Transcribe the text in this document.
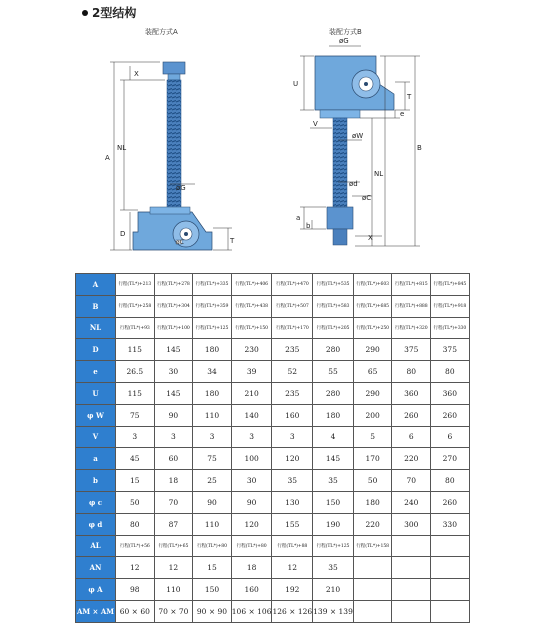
2型结构
装配方式A	装配方式B
X
NL
A
D
øG
øC	T
øG
U
T
V
øW
e
NL
B
ød
øC
a
b
X
A	行程(TL*)+213	行程(TL*)+278	行程(TL*)+335	行程(TL*)+406	行程(TL*)+470	行程(TL*)+535	行程(TL*)+603	行程(TL*)+815	行程(TL*)+845
B	行程(TL*)+258	行程(TL*)+304	行程(TL*)+359	行程(TL*)+438	行程(TL*)+507	行程(TL*)+583	行程(TL*)+685	行程(TL*)+888	行程(TL*)+918
NL	行程(TL*)+93	行程(TL*)+100	行程(TL*)+125	行程(TL*)+150	行程(TL*)+170	行程(TL*)+205	行程(TL*)+250	行程(TL*)+320	行程(TL*)+330
D	115	145	180	230	235	280	290	375	375
e	26.5	30	34	39	52	55	65	80	80
U	115	145	180	210	235	280	290	360	360
φ W	75	90	110	140	160	180	200	260	260
V	3	3	3	3	3	4	5	6	6
a	45	60	75	100	120	145	170	220	270
b	15	18	25	30	35	35	50	70	80
φ c	50	70	90	90	130	150	180	240	260
φ d	80	87	110	120	155	190	220	300	330
AL	行程(TL*)+56	行程(TL*)+65	行程(TL*)+80	行程(TL*)+80	行程(TL*)+88	行程(TL*)+125	行程(TL*)+158		
AN	12	12	15	18	12	35			
φ A	98	110	150	160	192	210			
AM × AM	60 × 60	70 × 70	90 × 90	106 × 106	126 × 126	139 × 139			
